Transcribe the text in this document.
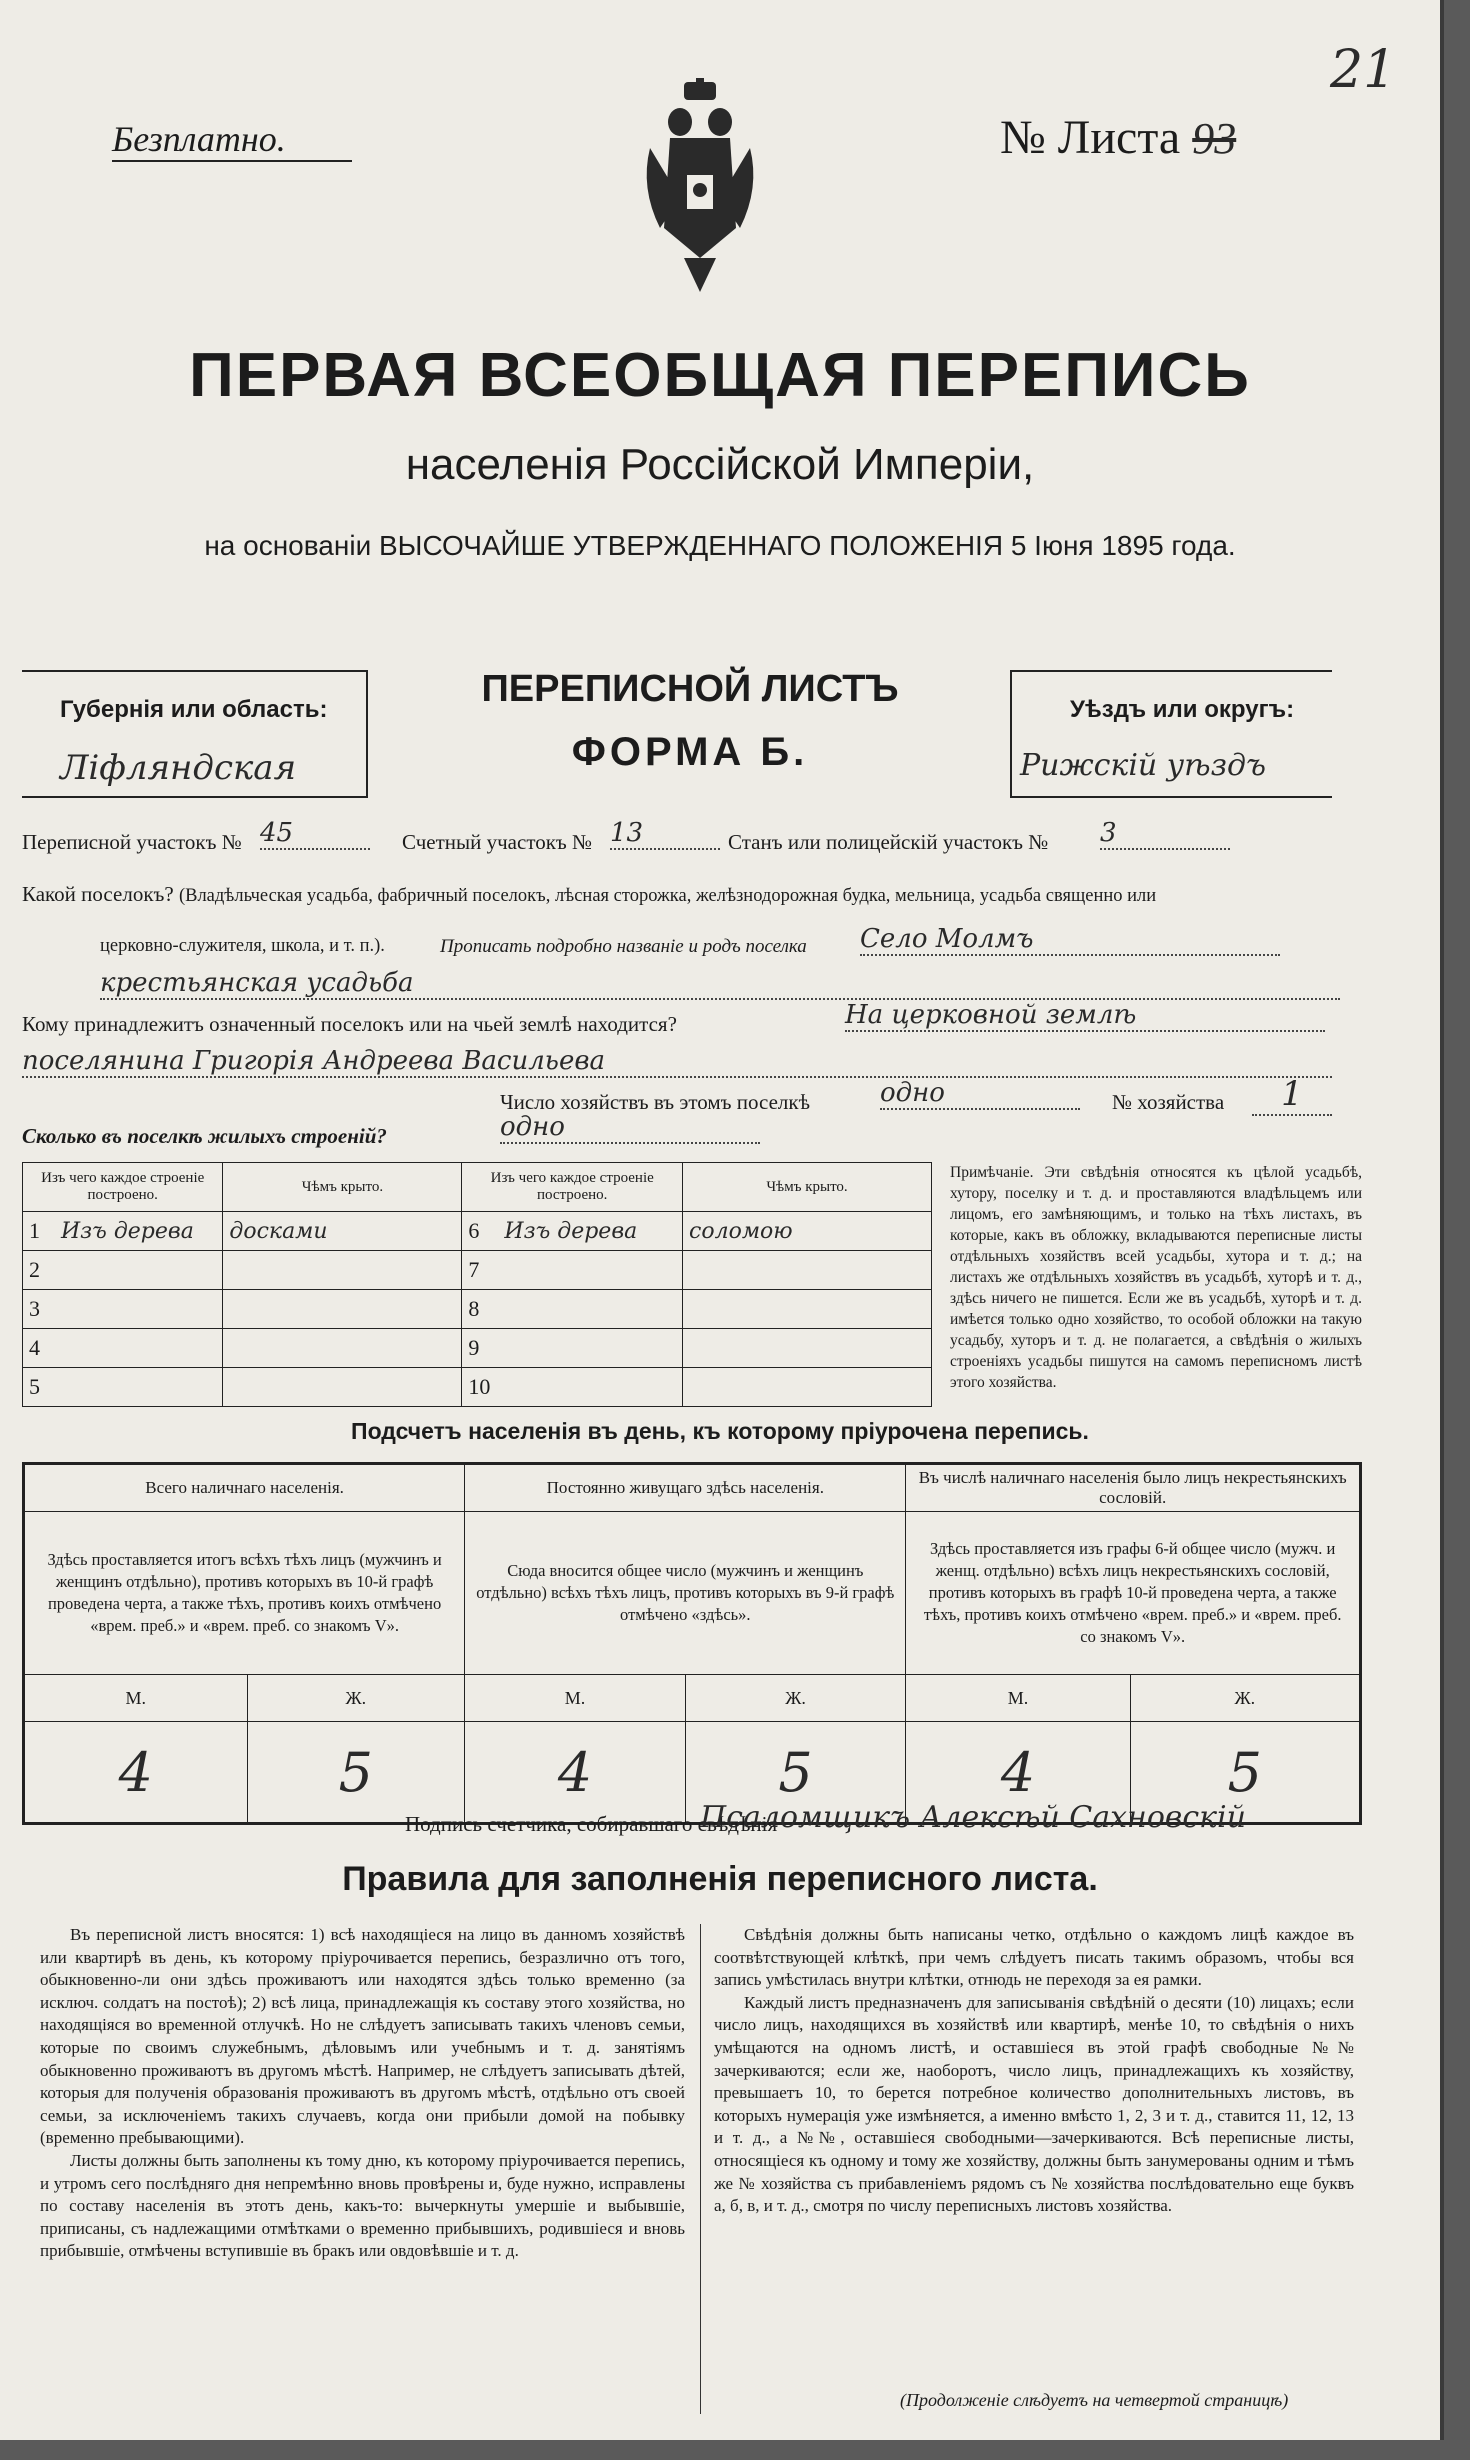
21
Безплатно.	№ Листа 93
ПЕРВАЯ ВСЕОБЩАЯ ПЕРЕПИСЬ
населенія Россійской Имперіи,
на основаніи ВЫСОЧАЙШЕ УТВЕРЖДЕННАГО ПОЛОЖЕНІЯ 5 Іюня 1895 года.
Губернія или область:
Ліфляндская
ПЕРЕПИСНОЙ ЛИСТЪ
ФОРМА Б.
Уѣздъ или округъ:
Рижскій уѣздъ
Переписной участокъ № 45	Счетный участокъ № 13	Станъ или полицейскій участокъ № 3
Какой поселокъ? (Владѣльческая усадьба, фабричный поселокъ, лѣсная сторожка, желѣзнодорожная будка, мельница, усадьба священно или
церковно-служителя, школа, и т. п.).	Прописать подробно названіе и родъ поселка Село Молмъ
крестьянская усадьба
Кому принадлежитъ означенный поселокъ или на чьей землѣ находится?	На церковной землѣ
поселянина Григорія Андреева Васильева
Число хозяйствъ въ этомъ поселкѣ	одно	№ хозяйства	1
Сколько въ поселкѣ жилыхъ строеній?	одно
Изъ чего каждое строеніе построено.		Чѣмъ крыто.	Изъ чего каждое строеніе построено.		Чѣмъ крыто.
1	Изъ дерева	досками	6	Изъ дерева	соломою
2			7		
3			8		
4			9		
5			10		
Примѣчаніе. Эти свѣдѣнія относятся къ цѣлой усадьбѣ, хутору, поселку и т. д. и проставляются владѣльцемъ или лицомъ, его замѣняющимъ, и только на тѣхъ листахъ, въ которые, какъ въ обложку, вкладываются переписные листы отдѣльныхъ хозяйствъ всей усадьбы, хутора и т. д.; на листахъ же отдѣльныхъ хозяйствъ въ усадьбѣ, хуторѣ и т. д., здѣсь ничего не пишется. Если же въ усадьбѣ, хуторѣ и т. д. имѣется только одно хозяйство, то особой обложки на такую усадьбу, хуторъ и т. д. не полагается, а свѣдѣнія о жилыхъ строеніяхъ усадьбы пишутся на самомъ переписномъ листѣ этого хозяйства.
Подсчетъ населенія въ день, къ которому пріурочена перепись.
Всего наличнаго населенія.		Постоянно живущаго здѣсь населенія.		Въ числѣ наличнаго населенія было лицъ некрестьянскихъ сословій.	
Здѣсь проставляется итогъ всѣхъ тѣхъ лицъ (мужчинъ и женщинъ отдѣльно), противъ которыхъ въ 10-й графѣ проведена черта, а также тѣхъ, противъ коихъ отмѣчено «врем. преб.» и «врем. преб. со знакомъ V».		Сюда вносится общее число (мужчинъ и женщинъ отдѣльно) всѣхъ тѣхъ лицъ, противъ которыхъ въ 9-й графѣ отмѣчено «здѣсь».		Здѣсь проставляется изъ графы 6-й общее число (мужч. и женщ. отдѣльно) всѣхъ лицъ некрестьянскихъ сословій, противъ которыхъ въ графѣ 10-й проведена черта, а также тѣхъ, противъ коихъ отмѣчено «врем. преб.» и «врем. преб. со знакомъ V».	
М.	Ж.	М.	Ж.	М.	Ж.
4	5	4	5	4	5
Подпись счетчика, собиравшаго свѣдѣнія
Псаломщикъ Алексѣй Сахновскій
Правила для заполненія переписного листа.

Въ переписной листъ вносятся: 1) всѣ находящіеся на лицо въ данномъ хозяйствѣ или квартирѣ въ день, къ которому пріурочивается перепись, безразлично отъ того, обыкновенно-ли они здѣсь проживаютъ или находятся здѣсь только временно (за исключ. солдатъ на постоѣ); 2) всѣ лица, принадлежащія къ составу этого хозяйства, но находящіяся во временной отлучкѣ. Но не слѣдуетъ записывать такихъ членовъ семьи, которые по своимъ служебнымъ, дѣловымъ или учебнымъ и т. д. занятіямъ обыкновенно проживаютъ въ другомъ мѣстѣ. Например, не слѣдуетъ записывать дѣтей, которыя для полученія образованія проживаютъ въ другомъ мѣстѣ, отдѣльно отъ своей семьи, за исключеніемъ такихъ случаевъ, когда они прибыли домой на побывку (временно пребывающими).

Листы должны быть заполнены къ тому дню, къ которому пріурочивается перепись, и утромъ сего послѣдняго дня непремѣнно вновь провѣрены и, буде нужно, исправлены по составу населенія въ этотъ день, какъ-то: вычеркнуты умершіе и выбывшіе, приписаны, съ надлежащими отмѣтками о временно прибывшихъ, родившіеся и вновь прибывшіе, отмѣчены вступившіе въ бракъ или овдовѣвшіе и т. д.

Свѣдѣнія должны быть написаны четко, отдѣльно о каждомъ лицѣ каждое въ соотвѣтствующей клѣткѣ, при чемъ слѣдуетъ писать такимъ образомъ, чтобы вся запись умѣстилась внутри клѣтки, отнюдь не переходя за ея рамки.

Каждый листъ предназначенъ для записыванія свѣдѣній о десяти (10) лицахъ; если число лицъ, находящихся въ хозяйствѣ или квартирѣ, менѣе 10, то свѣдѣнія о нихъ умѣщаются на одномъ листѣ, и оставшіеся въ этой графѣ свободные №№ зачеркиваются; если же, наоборотъ, число лицъ, принадлежащихъ къ хозяйству, превышаетъ 10, то берется потребное количество дополнительныхъ листовъ, въ которыхъ нумерація уже измѣняется, а именно вмѣсто 1, 2, 3 и т. д., ставится 11, 12, 13 и т. д., а №№, оставшіеся свободными—зачеркиваются. Всѣ переписные листы, относящіеся къ одному и тому же хозяйству, должны быть занумерованы одним и тѣмъ же № хозяйства съ прибавленіемъ рядомъ съ № хозяйства послѣдовательно еще буквъ а, б, в, и т. д., смотря по числу переписныхъ листовъ хозяйства.

(Продолженіе слѣдуетъ на четвертой страницѣ)
